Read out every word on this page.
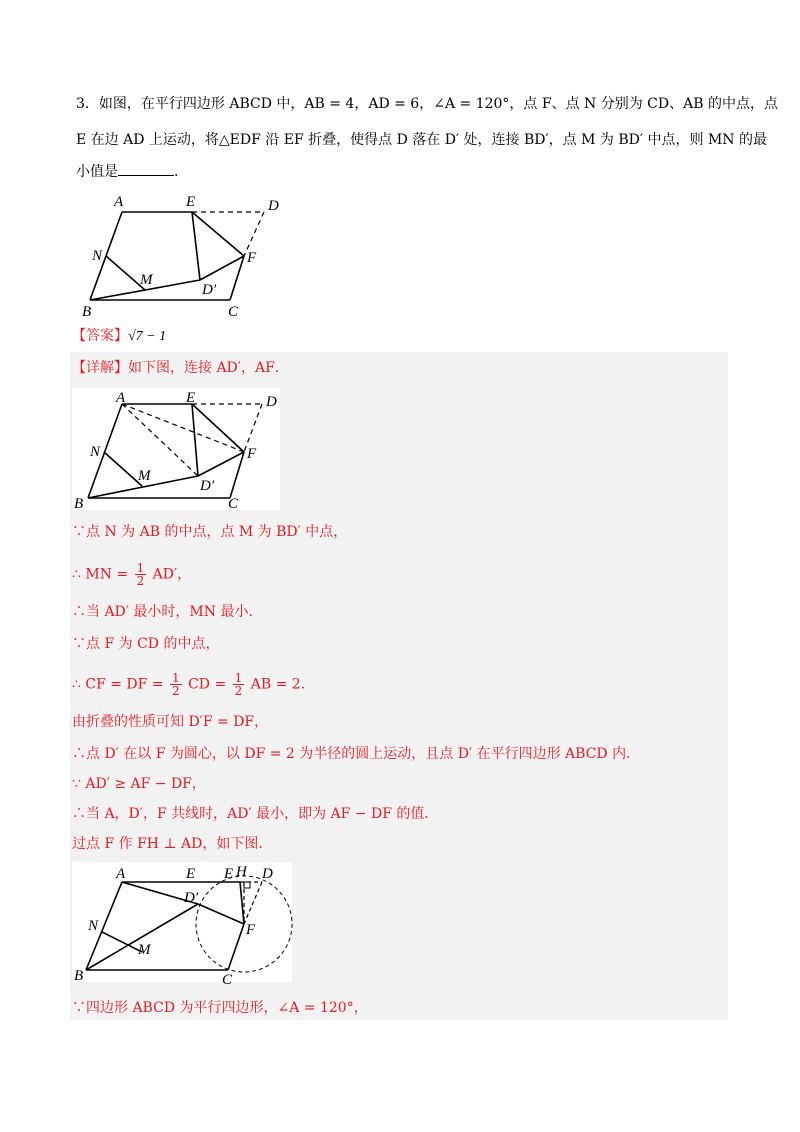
3．如图，在平行四边形 ABCD 中，AB = 4，AD = 6，∠A = 120°，点 F、点 N 分别为 CD、AB 的中点，点
E 在边 AD 上运动，将△EDF 沿 EF 折叠，使得点 D 落在 D′ 处，连接 BD′，点 M 为 BD′ 中点，则 MN 的最
小值是	.
A	E	D
N
M
F
D′
B	C
【答案】√7 − 1
【详解】如下图，连接 AD′，AF．
A	E	D
N
M
F
D′
B	C
∵点 N 为 AB 的中点，点 M 为 BD′ 中点，
∴ MN = $\frac{1}{2} AD'$，
∴当 AD′ 最小时，MN 最小．
∵点 F 为 CD 的中点，
∴ CF = DF = $\frac{1}{2}$ CD = $\frac{1}{2}$ AB = 2．
由折叠的性质可知 D′F = DF，
∴点 D′ 在以 F 为圆心，以 DF = 2 为半径的圆上运动，且点 D′ 在平行四边形 ABCD 内．
∵ AD′ ≥ AF − DF，
∴当 A，D′，F 共线时，AD′ 最小，即为 AF − DF 的值．
过点 F 作 FH ⊥ AD，如下图．
A	E E H D
D′
N
M
F
B	C
∵四边形 ABCD 为平行四边形，∠A = 120°，
